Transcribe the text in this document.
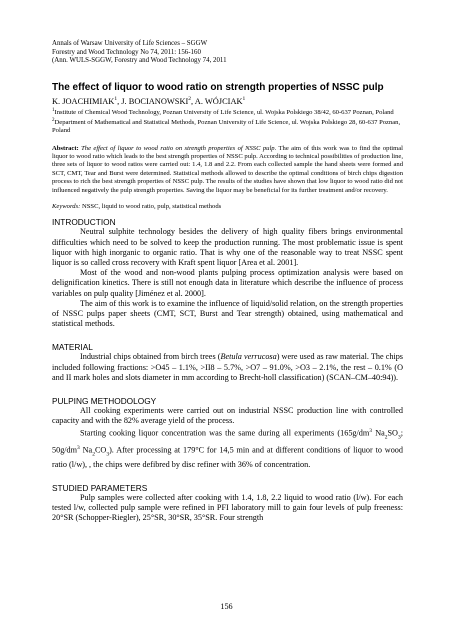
Annals of Warsaw University of Life Sciences – SGGW
Forestry and Wood Technology No 74, 2011: 156-160
(Ann. WULS-SGGW, Forestry and Wood Technology 74, 2011
The effect of liquor to wood ratio on strength properties of NSSC pulp
K. JOACHIMIAK$^1$, J. BOCIANOWSKI$^2$, A. WÓJCIAK$^1$
$^1$Institute of Chemical Wood Technology, Poznan University of Life Science, ul. Wojska Polskiego 38/42, 60-637 Poznan, Poland
$^2$Department of Mathematical and Statistical Methods, Poznan University of Life Science, ul. Wojska Polskiego 28, 60-637 Poznan, Poland
Abstract: The effect of liquor to wood ratio on strength properties of NSSC pulp. The aim of this work was to find the optimal liquor to wood ratio which leads to the best strength properties of NSSC pulp. According to technical possibilities of production line, three sets of liquor to wood ratios were carried out: 1.4, 1.8 and 2.2. From each collected sample the hand sheets were formed and SCT, CMT, Tear and Burst were determined. Statistical methods allowed to describe the optimal conditions of birch chips digestion process to rich the best strength properties of NSSC pulp. The results of the studies have shown that low liquor to wood ratio did not influenced negatively the pulp strength properties. Saving the liquor may be beneficial for its further treatment and/or recovery.
Keywords: NSSC, liquid to wood ratio, pulp, statistical methods
INTRODUCTION
Neutral sulphite technology besides the delivery of high quality fibers brings environmental difficulties which need to be solved to keep the production running. The most problematic issue is spent liquor with high inorganic to organic ratio. That is why one of the reasonable way to treat NSSC spent liquor is so called cross recovery with Kraft spent liquor [Area et al. 2001].
Most of the wood and non-wood plants pulping process optimization analysis were based on delignification kinetics. There is still not enough data in literature which describe the influence of process variables on pulp quality [Jiménez et al. 2000].
The aim of this work is to examine the influence of liquid/solid relation, on the strength properties of NSSC pulps paper sheets (CMT, SCT, Burst and Tear strength) obtained, using mathematical and statistical methods.
MATERIAL
Industrial chips obtained from birch trees (Betula verrucosa) were used as raw material. The chips included following fractions: >O45 – 1.1%, >II8 – 5.7%, >O7 – 91.0%, >O3 – 2.1%, the rest – 0.1% (O and II mark holes and slots diameter in mm according to Brecht-holl classification) (SCAN–CM–40:94)).
PULPING METHODOLOGY
All cooking experiments were carried out on industrial NSSC production line with controlled capacity and with the 82% average yield of the process.
Starting cooking liquor concentration was the same during all experiments ($165g/dm^3$ $Na_2SO_3$; $50g/dm^3$ $Na_2CO_3$). After processing at 179°C for 14,5 min and at different conditions of liquor to wood ratio (l/w), , the chips were defibred by disc refiner with 36% of concentration.
STUDIED PARAMETERS
Pulp samples were collected after cooking with 1.4, 1.8, 2.2 liquid to wood ratio (l/w). For each tested l/w, collected pulp sample were refined in PFI laboratory mill to gain four levels of pulp freeness: 20°SR (Schopper-Riegler), 25°SR, 30°SR, 35°SR. Four strength
156
